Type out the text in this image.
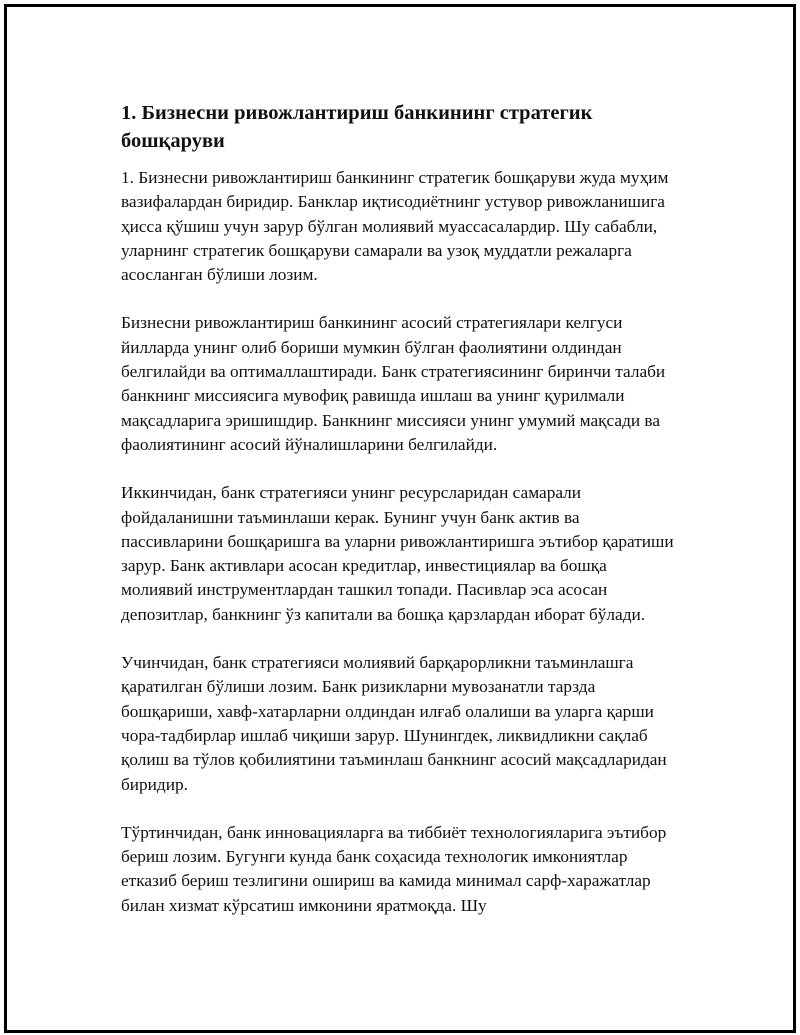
1. Бизнесни ривожлантириш банкининг стратегик бошқаруви

1. Бизнесни ривожлантириш банкининг стратегик бошқаруви жуда муҳим вазифалардан биридир. Банклар иқтисодиётнинг устувор ривожланишига ҳисса қўшиш учун зарур бўлган молиявий муассасалардир. Шу сабабли, уларнинг стратегик бошқаруви самарали ва узоқ муддатли режаларга асосланган бўлиши лозим.

Бизнесни ривожлантириш банкининг асосий стратегиялари келгуси йилларда унинг олиб бориши мумкин бўлган фаолиятини олдиндан белгилайди ва оптималлаштиради. Банк стратегиясининг биринчи талаби банкнинг миссиясига мувофиқ равишда ишлаш ва унинг қурилмали мақсадларига эришишдир. Банкнинг миссияси унинг умумий мақсади ва фаолиятининг асосий йўналишларини белгилайди.

Иккинчидан, банк стратегияси унинг ресурсларидан самарали фойдаланишни таъминлаши керак. Бунинг учун банк актив ва пассивларини бошқаришга ва уларни ривожлантиришга эътибор қаратиши зарур. Банк активлари асосан кредитлар, инвестициялар ва бошқа молиявий инструментлардан ташкил топади. Пасивлар эса асосан депозитлар, банкнинг ўз капитали ва бошқа қарзлардан иборат бўлади.

Учинчидан, банк стратегияси молиявий барқарорликни таъминлашга қаратилган бўлиши лозим. Банк ризикларни мувозанатли тарзда бошқариши, хавф-хатарларни олдиндан илғаб олалиши ва уларга қарши чора-тадбирлар ишлаб чиқиши зарур. Шунингдек, ликвидликни сақлаб қолиш ва тўлов қобилиятини таъминлаш банкнинг асосий мақсадларидан биридир.

Тўртинчидан, банк инновацияларга ва тиббиёт технологияларига эътибор бериш лозим. Бугунги кунда банк соҳасида технологик имкониятлар етказиб бериш тезлигини ошириш ва камида минимал сарф-харажатлар билан хизмат кўрсатиш имконини яратмоқда. Шу
